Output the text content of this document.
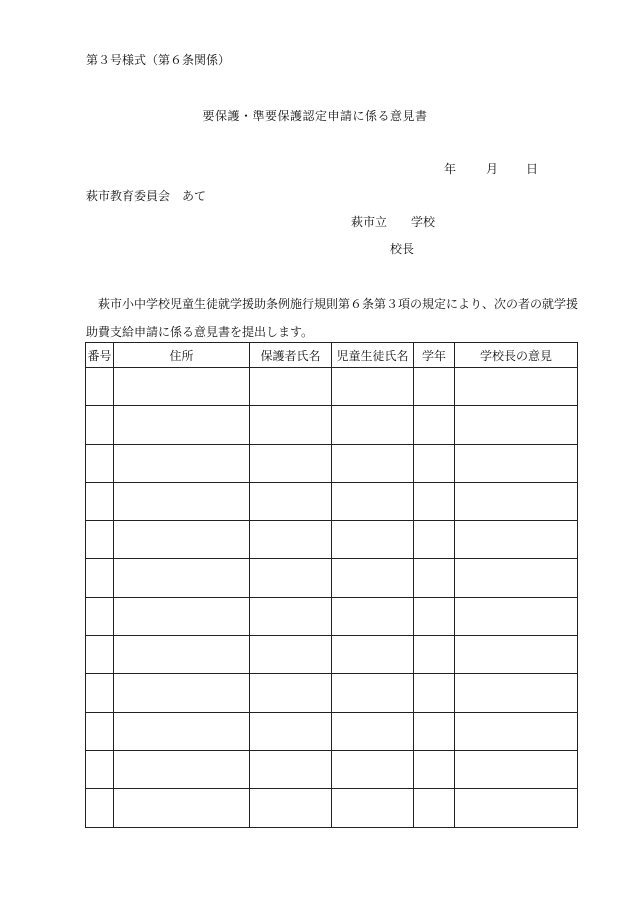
第３号様式（第６条関係）
要保護・準要保護認定申請に係る意見書
年 月 日
萩市教育委員会　あて
萩市立 学校
校長
萩市小中学校児童生徒就学援助条例施行規則第６条第３項の規定により、次の者の就学援助費支給申請に係る意見書を提出します。
番号	住所	保護者氏名	児童生徒氏名	学年	学校長の意見
